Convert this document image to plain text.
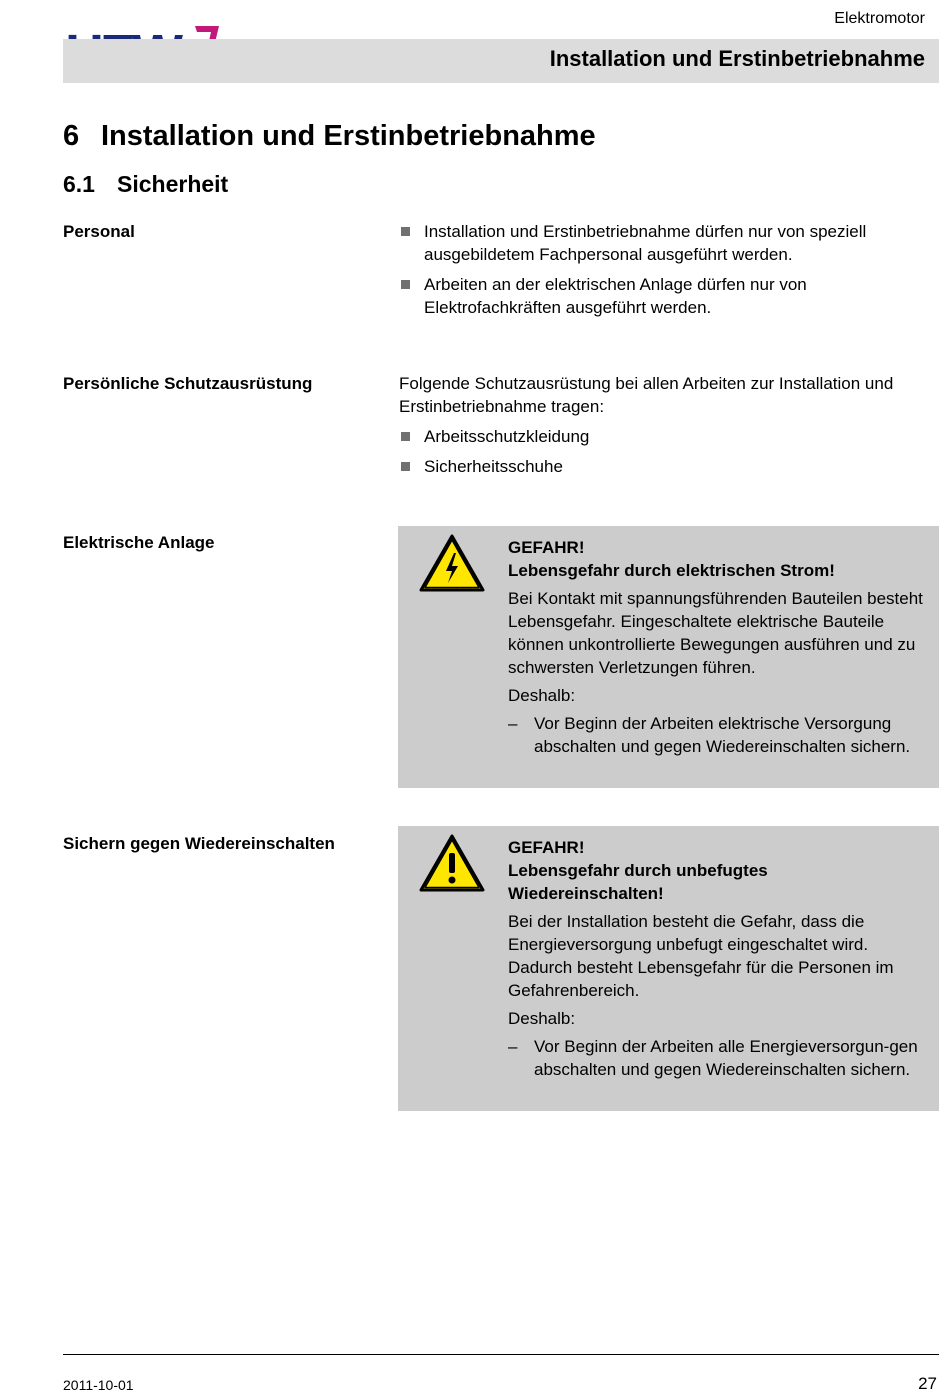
Elektromotor
Installation und Erstinbetriebnahme
6 Installation und Erstinbetriebnahme
6.1 Sicherheit
Personal	Installation und Erstinbetriebnahme dürfen nur von speziell ausgebildetem Fachpersonal ausgeführt werden.
Arbeiten an der elektrischen Anlage dürfen nur von Elektrofachkräften ausgeführt werden.
Persönliche Schutzausrüstung	Folgende Schutzausrüstung bei allen Arbeiten zur Installation und Erstinbetriebnahme tragen:

Arbeitsschutzkleidung
Sicherheitsschuhe
Elektrische Anlage	GEFAHR!

Lebensgefahr durch elektrischen Strom!

Bei Kontakt mit spannungsführenden Bauteilen besteht Lebensgefahr. Eingeschaltete elektrische Bauteile können unkontrollierte Bewegungen ausführen und zu schwersten Verletzungen führen.

Deshalb:

– Vor Beginn der Arbeiten elektrische Versorgung abschalten und gegen Wiedereinschalten sichern.
Sichern gegen Wiedereinschalten	GEFAHR!

Lebensgefahr durch unbefugtes Wiedereinschalten!

Bei der Installation besteht die Gefahr, dass die Energieversorgung unbefugt eingeschaltet wird. Dadurch besteht Lebensgefahr für die Personen im Gefahrenbereich.

Deshalb:

– Vor Beginn der Arbeiten alle Energieversorgun-gen abschalten und gegen Wiedereinschalten sichern.
2011-10-01	27
